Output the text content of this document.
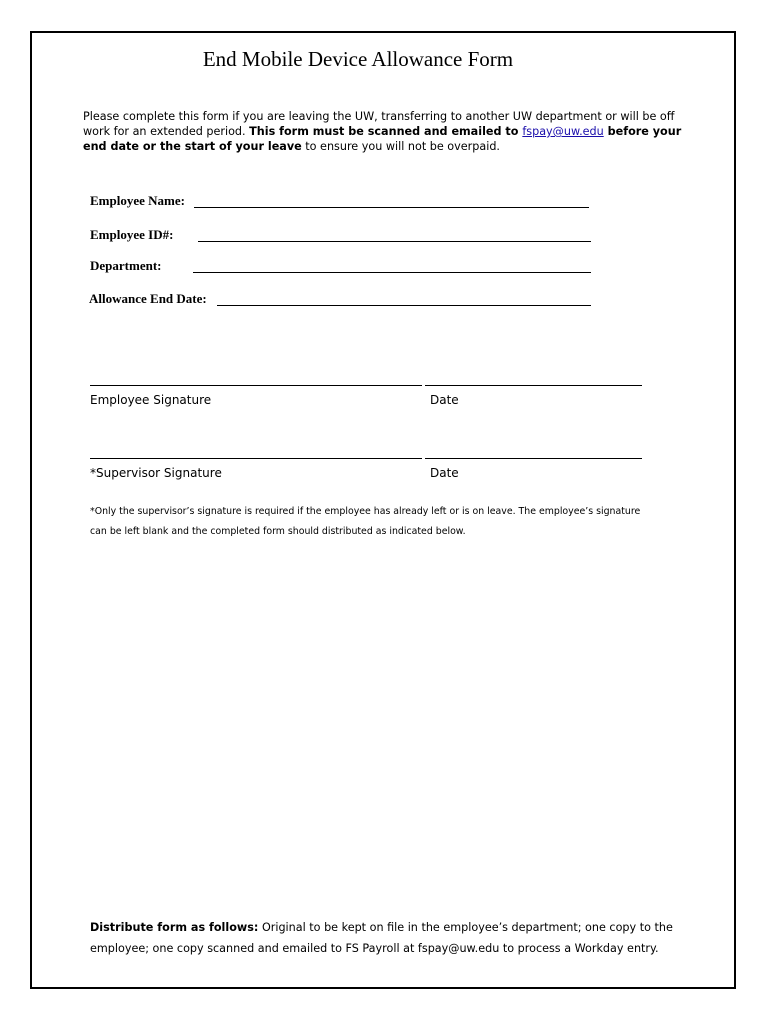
End Mobile Device Allowance Form
Please complete this form if you are leaving the UW, transferring to another UW department or will be off work for an extended period. This form must be scanned and emailed to fspay@uw.edu before your end date or the start of your leave to ensure you will not be overpaid.
Employee Name:
Employee ID#:
Department:
Allowance End Date:
Employee Signature	Date
*Supervisor Signature	Date
*Only the supervisor’s signature is required if the employee has already left or is on leave. The employee’s signature can be left blank and the completed form should distributed as indicated below.
Distribute form as follows: Original to be kept on file in the employee’s department; one copy to the employee; one copy scanned and emailed to FS Payroll at fspay@uw.edu to process a Workday entry.
